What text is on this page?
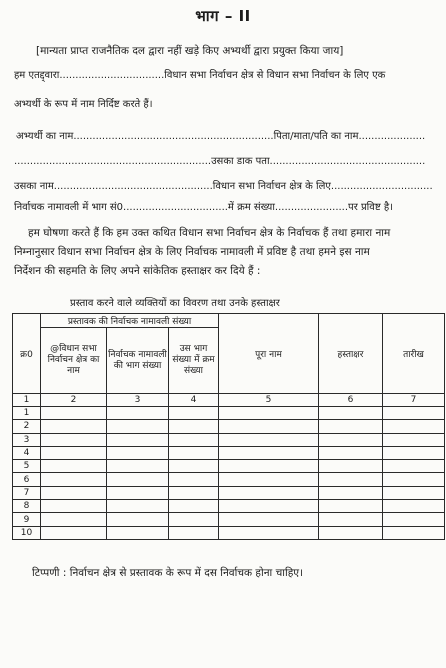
भाग – II
[मान्यता प्राप्त राजनैतिक दल द्वारा नहीं खड़े किए अभ्यर्थी द्वारा प्रयुक्त किया जाय]
हम एतद्द्वारा.................................विधान सभा निर्वाचन क्षेत्र से विधान सभा निर्वाचन के लिए एक
अभ्यर्थी के रूप में नाम निर्दिष्ट करते हैं।
अभ्यर्थी का नाम...............................................................पिता/माता/पति का नाम.....................
..............................................................उसका डाक पता.................................................
उसका नाम..................................................विधान सभा निर्वाचन क्षेत्र के लिए................................
निर्वाचक नामावली में भाग सं0.................................में क्रम संख्या.......................पर प्रविष्ट है।
हम घोषणा करते हैं कि हम उक्त कथित विधान सभा निर्वाचन क्षेत्र के निर्वाचक हैं तथा हमारा नाम
निम्नानुसार विधान सभा निर्वाचन क्षेत्र के लिए निर्वाचक नामावली में प्रविष्ट है तथा हमने इस नाम
निर्देशन की सहमति के लिए अपने सांकेतिक हस्ताक्षर कर दिये हैं :
प्रस्ताव करने वाले व्यक्तियों का विवरण तथा उनके हस्ताक्षर
क्र0	प्रस्तावक की निर्वाचक नामावली संख्या			पूरा नाम	हस्ताक्षर	तारीख
	@विधान सभा निर्वाचन क्षेत्र का नाम	निर्वाचक नामावली की भाग संख्या	उस भाग संख्या में क्रम संख्या			
1	2	3	4	5	6	7
1						
2						
3						
4						
5						
6						
7						
8						
9						
10						
टिप्पणी : निर्वाचन क्षेत्र से प्रस्तावक के रूप में दस निर्वाचक होना चाहिए।
